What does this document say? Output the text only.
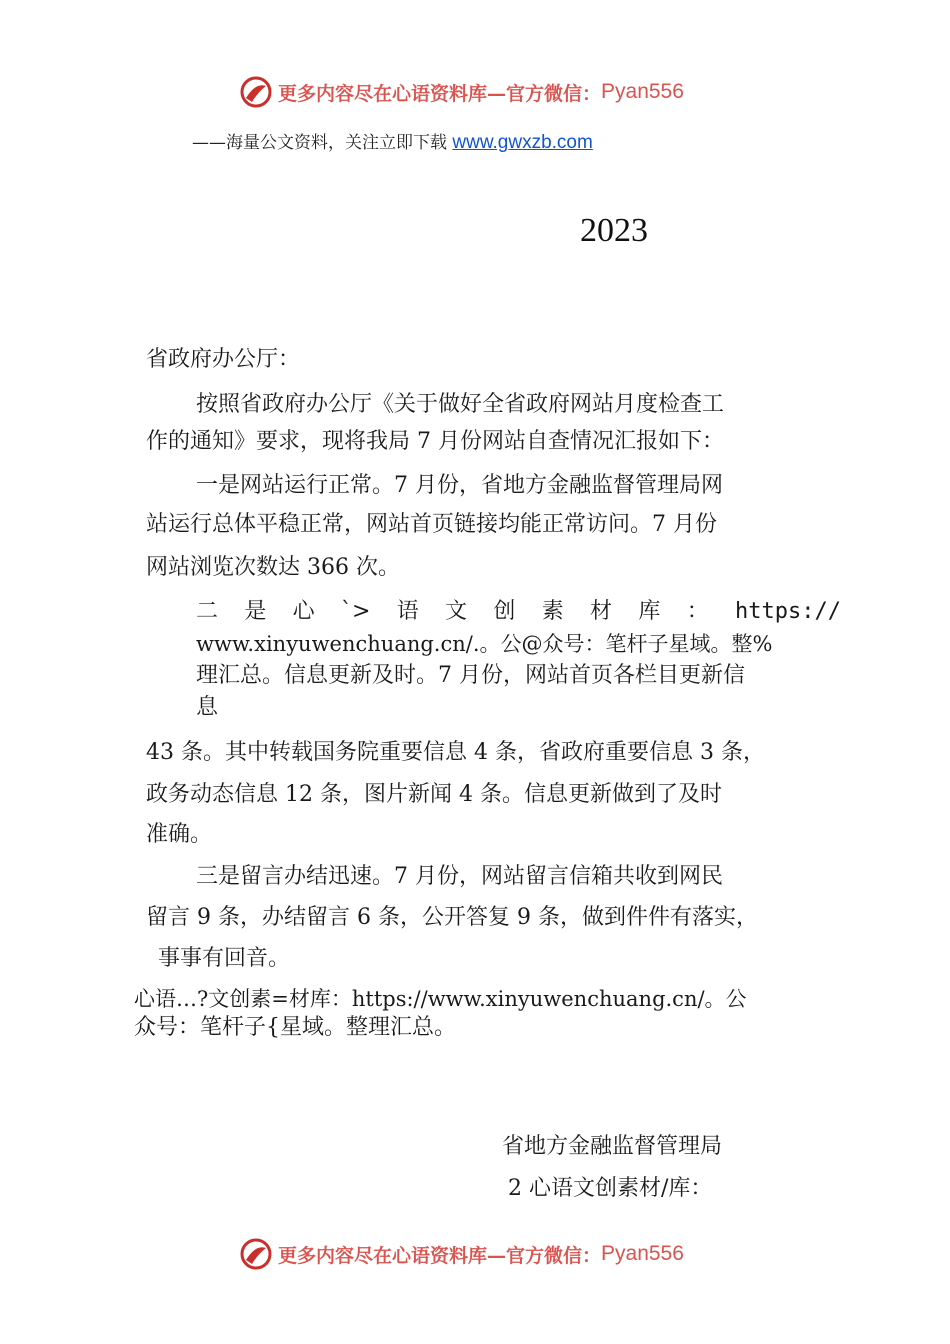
更多内容尽在心语资料库—官方微信： Pyan556
——海量公文资料，关注立即下载 www.gwxzb.com
2023
省政府办公厅：
按照省政府办公厅《关于做好全省政府网站月度检查工
作的通知》要求，现将我局 7 月份网站自查情况汇报如下：
一是网站运行正常。7 月份，省地方金融监督管理局网
站运行总体平稳正常，网站首页链接均能正常访问。7 月份
网站浏览次数达 366 次。
二 是 心 `> 语 文 创 素 材 库 ： https://
www.xinyuwenchuang.cn/.。公@众号：笔杆子星域。整%
理汇总。信息更新及时。7 月份，网站首页各栏目更新信
息
43 条。其中转载国务院重要信息 4 条，省政府重要信息 3 条，
政务动态信息 12 条，图片新闻 4 条。信息更新做到了及时
准确。
三是留言办结迅速。7 月份，网站留言信箱共收到网民
留言 9 条，办结留言 6 条，公开答复 9 条，做到件件有落实，
事事有回音。
心语…?文创素=材库：https://www.xinyuwenchuang.cn/。公
众号：笔杆子{星域。整理汇总。
省地方金融监督管理局
2 心语文创素材/库：
更多内容尽在心语资料库—官方微信： Pyan556
